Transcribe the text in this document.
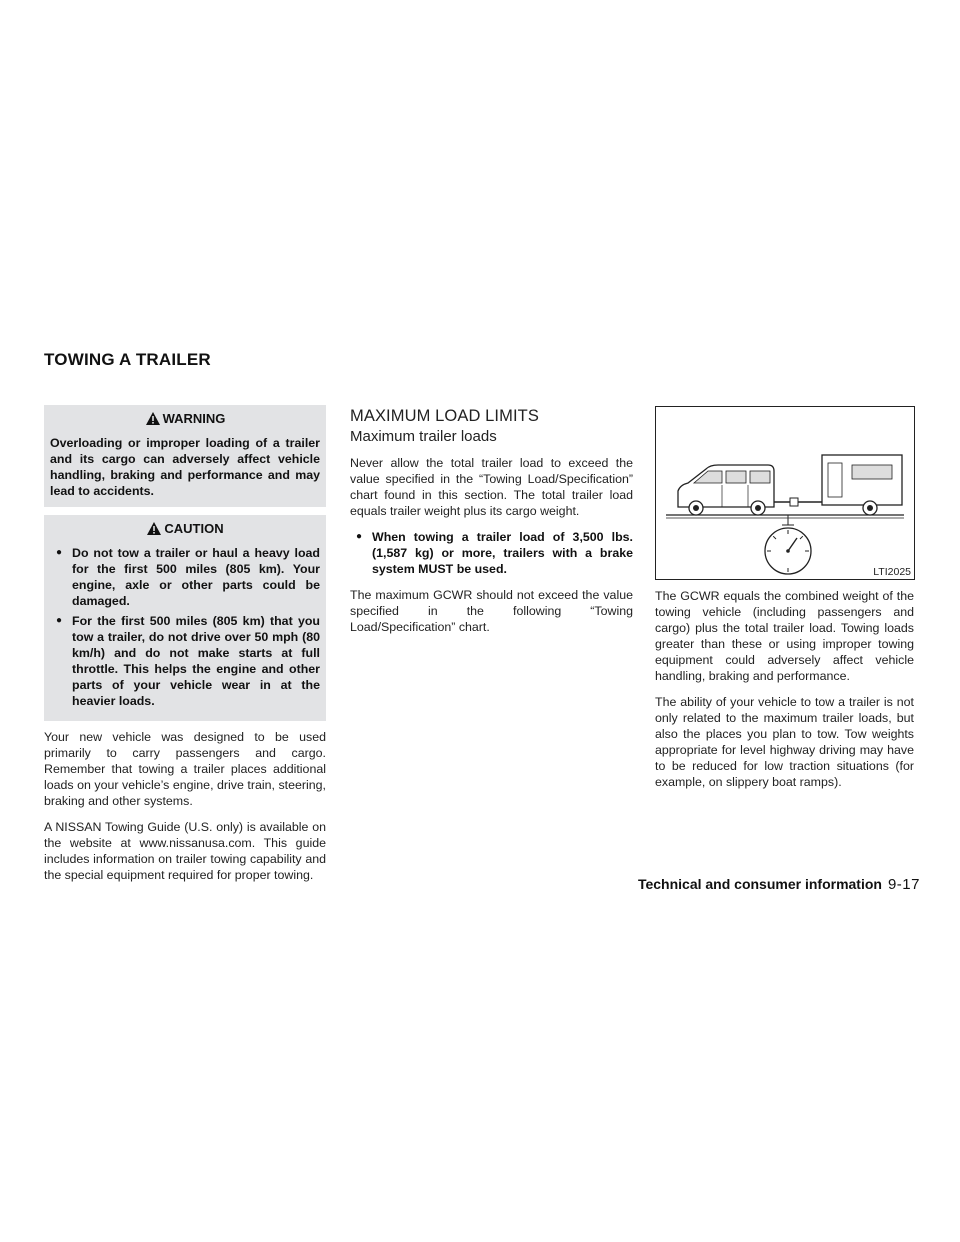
TOWING A TRAILER
WARNING
Overloading or improper loading of a trailer and its cargo can adversely affect vehicle handling, braking and performance and may lead to accidents.
CAUTION
● Do not tow a trailer or haul a heavy load for the first 500 miles (805 km). Your engine, axle or other parts could be damaged.
● For the first 500 miles (805 km) that you tow a trailer, do not drive over 50 mph (80 km/h) and do not make starts at full throttle. This helps the engine and other parts of your vehicle wear in at the heavier loads.

Your new vehicle was designed to be used primarily to carry passengers and cargo. Remember that towing a trailer places additional loads on your vehicle’s engine, drive train, steering, braking and other systems.

A NISSAN Towing Guide (U.S. only) is available on the website at www.nissanusa.com. This guide includes information on trailer towing capability and the special equipment required for proper towing.

MAXIMUM LOAD LIMITS
Maximum trailer loads

Never allow the total trailer load to exceed the value specified in the “Towing Load/Specification” chart found in this section. The total trailer load equals trailer weight plus its cargo weight.

● When towing a trailer load of 3,500 lbs. (1,587 kg) or more, trailers with a brake system MUST be used.

The maximum GCWR should not exceed the value specified in the following “Towing Load/Specification” chart.

LTI2025

The GCWR equals the combined weight of the towing vehicle (including passengers and cargo) plus the total trailer load. Towing loads greater than these or using improper towing equipment could adversely affect vehicle handling, braking and performance.

The ability of your vehicle to tow a trailer is not only related to the maximum trailer loads, but also the places you plan to tow. Tow weights appropriate for level highway driving may have to be reduced for low traction situations (for example, on slippery boat ramps).

Technical and consumer information 9-17
